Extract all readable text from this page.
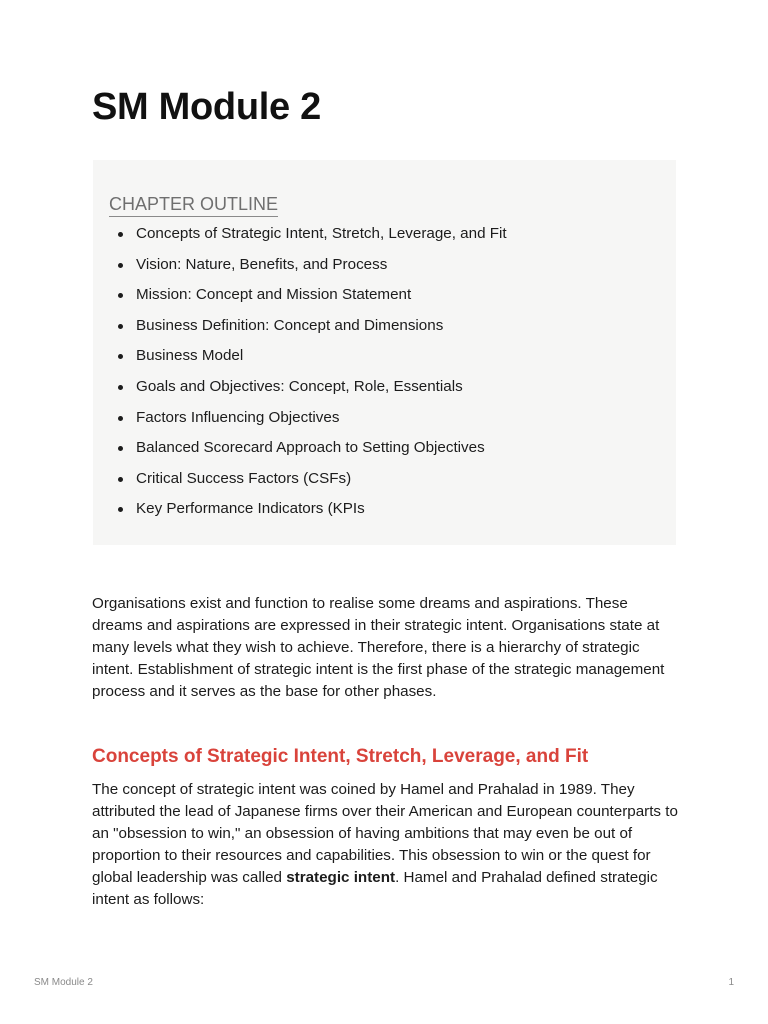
SM Module 2
CHAPTER OUTLINE
Concepts of Strategic Intent, Stretch, Leverage, and Fit
Vision: Nature, Benefits, and Process
Mission: Concept and Mission Statement
Business Definition: Concept and Dimensions
Business Model
Goals and Objectives: Concept, Role, Essentials
Factors Influencing Objectives
Balanced Scorecard Approach to Setting Objectives
Critical Success Factors (CSFs)
Key Performance Indicators (KPIs

Organisations exist and function to realise some dreams and aspirations. These dreams and aspirations are expressed in their strategic intent. Organisations state at many levels what they wish to achieve. Therefore, there is a hierarchy of strategic intent. Establishment of strategic intent is the first phase of the strategic management process and it serves as the base for other phases.

Concepts of Strategic Intent, Stretch, Leverage, and Fit

The concept of strategic intent was coined by Hamel and Prahalad in 1989. They attributed the lead of Japanese firms over their American and European counterparts to an "obsession to win," an obsession of having ambitions that may even be out of proportion to their resources and capabilities. This obsession to win or the quest for global leadership was called strategic intent. Hamel and Prahalad defined strategic intent as follows:

SM Module 2	1
